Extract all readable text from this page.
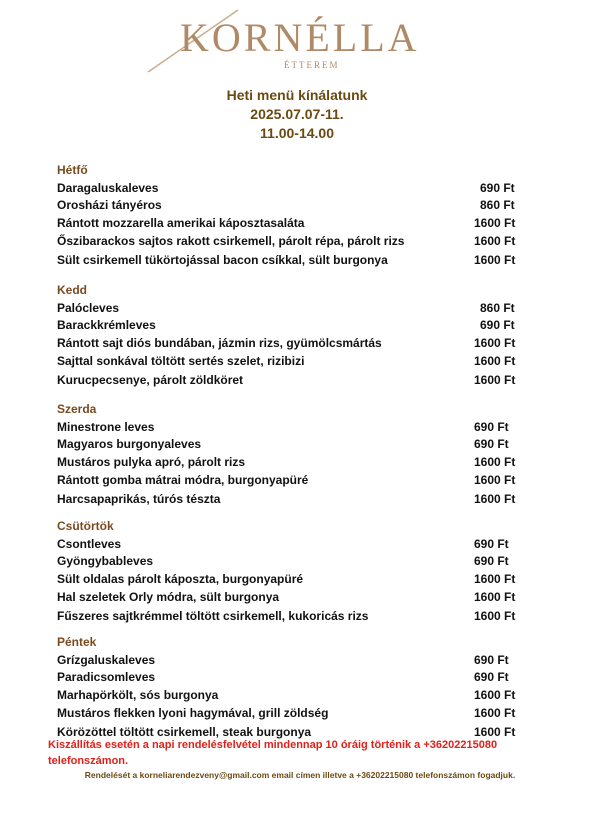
KORNÉLLA
ÉTTEREM
Heti menü kínálatunk
2025.07.07-11.
11.00-14.00
Hétfő
Daragaluskaleves	690 Ft
Orosházi tányéros	860 Ft
Rántott mozzarella amerikai káposztasaláta	1600 Ft
Őszibarackos sajtos rakott csirkemell, párolt répa, párolt rizs	1600 Ft
Sült csirkemell tükörtojással bacon csíkkal, sült burgonya	1600 Ft
Kedd
Palócleves	860 Ft
Barackkrémleves	690 Ft
Rántott sajt diós bundában, jázmin rizs, gyümölcsmártás	1600 Ft
Sajttal sonkával töltött sertés szelet, rizibizi	1600 Ft
Kurucpecsenye, párolt zöldköret	1600 Ft
Szerda
Minestrone leves	690 Ft
Magyaros burgonyaleves	690 Ft
Mustáros pulyka apró, párolt rizs	1600 Ft
Rántott gomba mátrai módra, burgonyapüré	1600 Ft
Harcsapaprikás, túrós tészta	1600 Ft
Csütörtök
Csontleves	690 Ft
Gyöngybableves	690 Ft
Sült oldalas párolt káposzta, burgonyapüré	1600 Ft
Hal szeletek Orly módra, sült burgonya	1600 Ft
Fűszeres sajtkrémmel töltött csirkemell, kukoricás rizs	1600 Ft
Péntek
Grízgaluskaleves	690 Ft
Paradicsomleves	690 Ft
Marhapörkölt, sós burgonya	1600 Ft
Mustáros flekken lyoni hagymával, grill zöldség	1600 Ft
Körözöttel töltött csirkemell, steak burgonya	1600 Ft
Kiszállítás esetén a napi rendelésfelvétel mindennap 10 óráig történik a +36202215080 telefonszámon.
Rendelését a korneliarendezveny@gmail.com email címen illetve a +36202215080 telefonszámon fogadjuk.
